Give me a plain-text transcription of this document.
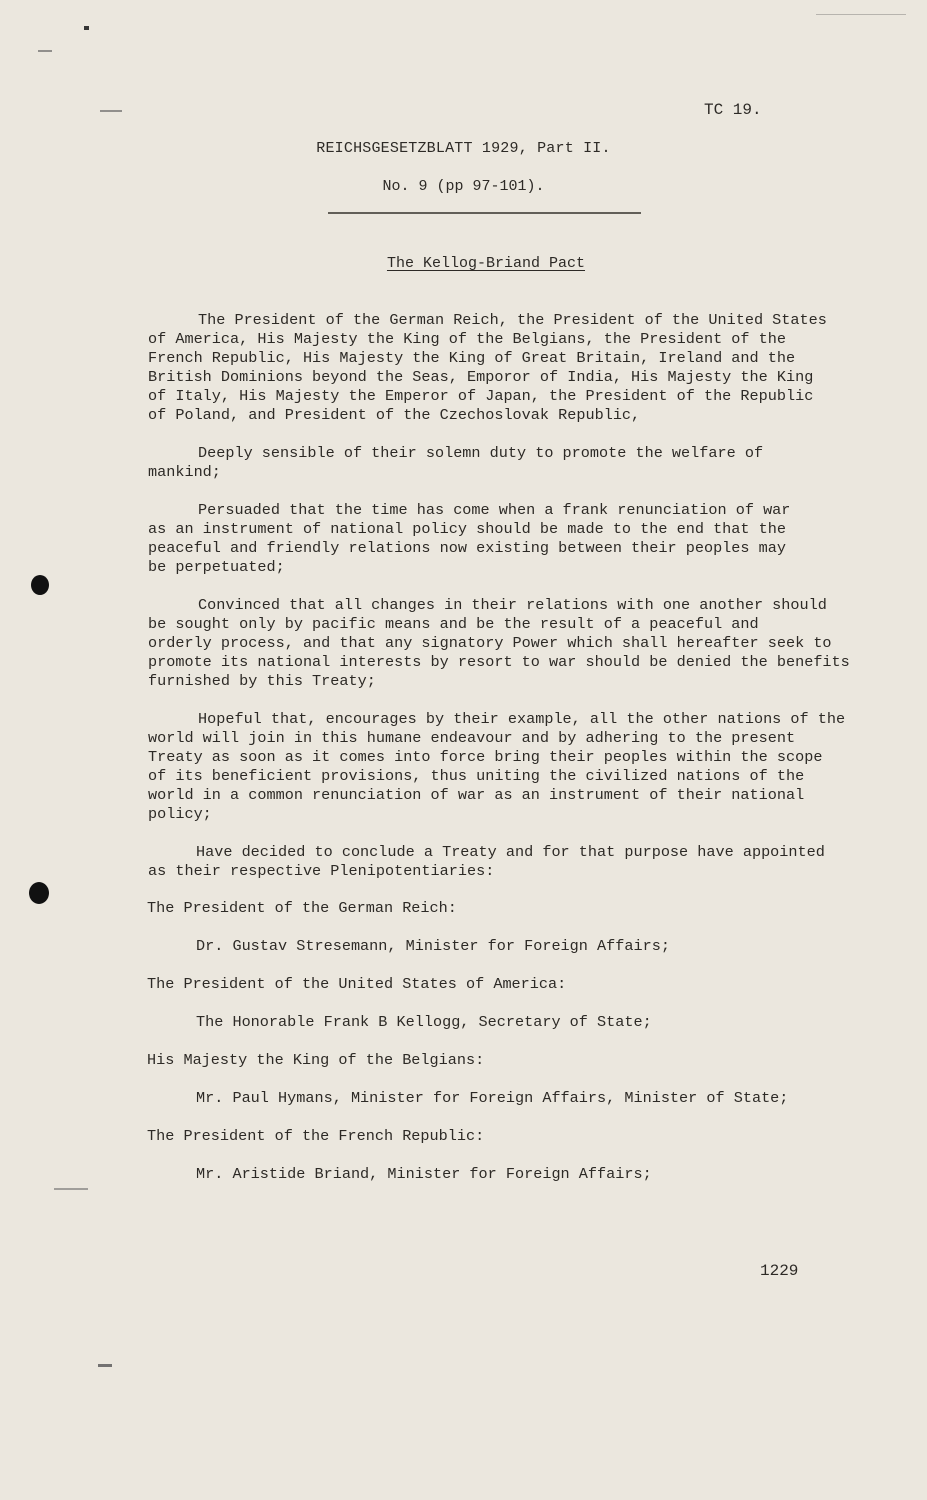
TC 19.
REICHSGESETZBLATT 1929, Part II.
No. 9 (pp 97-101).
The Kellog-Briand Pact
The President of the German Reich, the President of the United States
of America, His Majesty the King of the Belgians, the President of the
French Republic, His Majesty the King of Great Britain, Ireland and the
British Dominions beyond the Seas, Emporor of India, His Majesty the King
of Italy, His Majesty the Emperor of Japan, the President of the Republic
of Poland, and President of the Czechoslovak Republic,
Deeply sensible of their solemn duty to promote the welfare of
mankind;
Persuaded that the time has come when a frank renunciation of war
as an instrument of national policy should be made to the end that the
peaceful and friendly relations now existing between their peoples may
be perpetuated;
Convinced that all changes in their relations with one another should
be sought only by pacific means and be the result of a peaceful and
orderly process, and that any signatory Power which shall hereafter seek to
promote its national interests by resort to war should be denied the benefits
furnished by this Treaty;
Hopeful that, encourages by their example, all the other nations of the
world will join in this humane endeavour and by adhering to the present
Treaty as soon as it comes into force bring their peoples within the scope
of its beneficient provisions, thus uniting the civilized nations of the
world in a common renunciation of war as an instrument of their national
policy;
Have decided to conclude a Treaty and for that purpose have appointed
as their respective Plenipotentiaries:
The President of the German Reich:
Dr. Gustav Stresemann, Minister for Foreign Affairs;
The President of the United States of America:
The Honorable Frank B Kellogg, Secretary of State;
His Majesty the King of the Belgians:
Mr. Paul Hymans, Minister for Foreign Affairs, Minister of State;
The President of the French Republic:
Mr. Aristide Briand, Minister for Foreign Affairs;
1229
